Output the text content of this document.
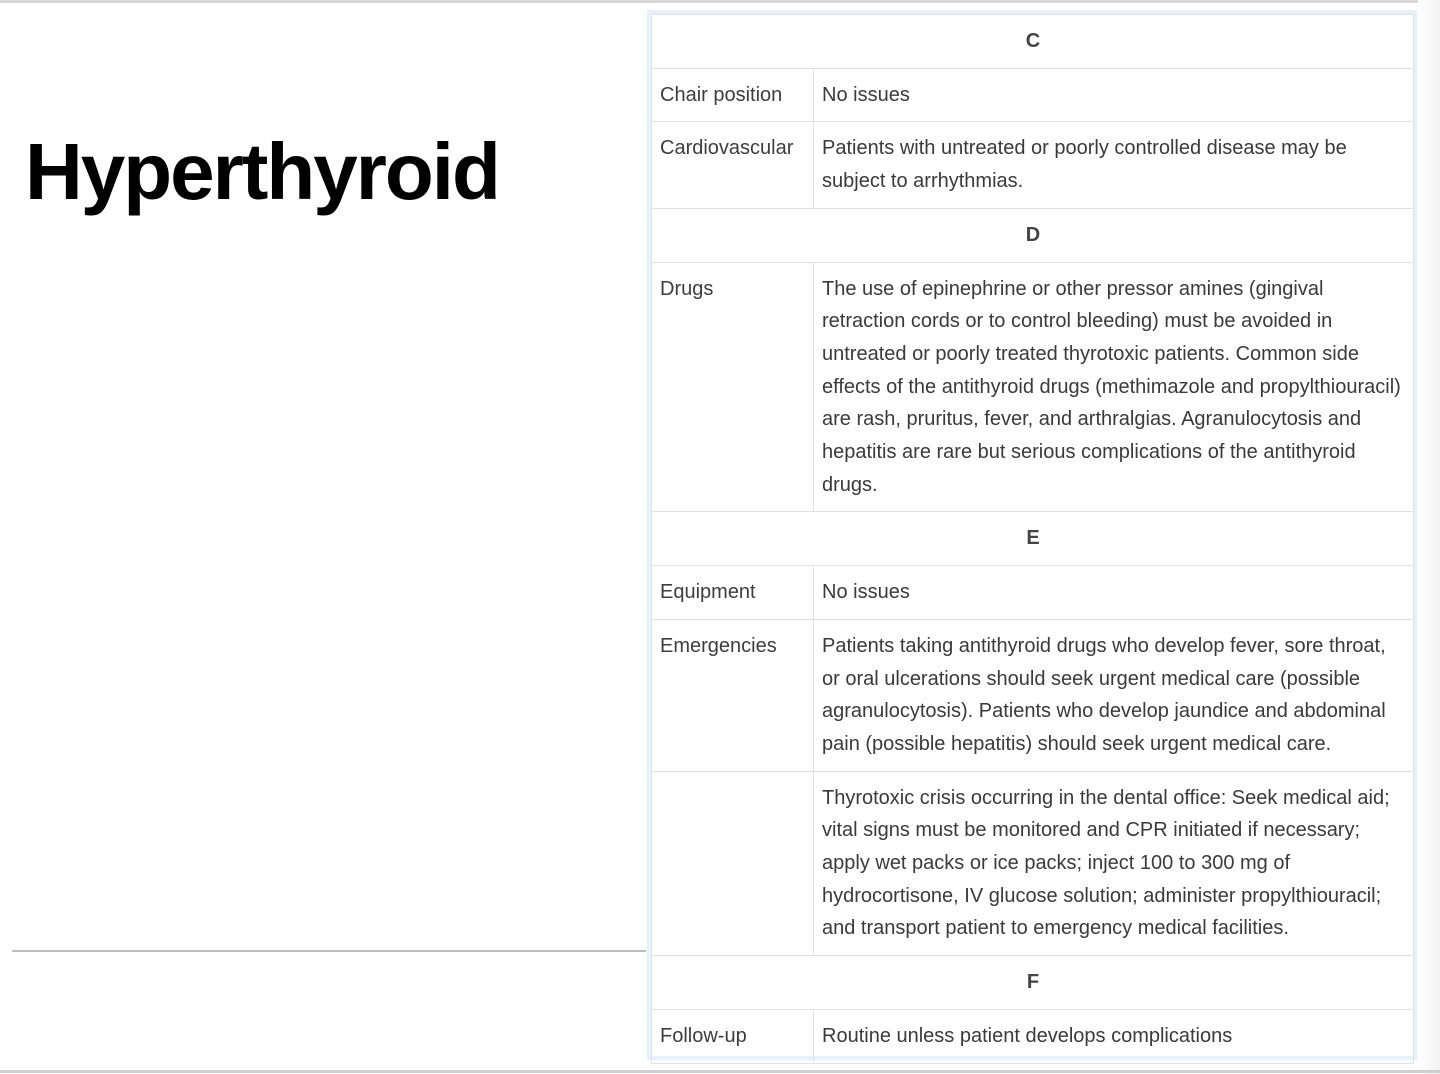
Hyperthyroid
C	
Chair position	No issues
Cardiovascular	Patients with untreated or poorly controlled disease may be subject to arrhythmias.
D	
Drugs	The use of epinephrine or other pressor amines (gingival retraction cords or to control bleeding) must be avoided in untreated or poorly treated thyrotoxic patients. Common side effects of the antithyroid drugs (methimazole and propylthiouracil) are rash, pruritus, fever, and arthralgias. Agranulocytosis and hepatitis are rare but serious complications of the antithyroid drugs.
E	
Equipment	No issues
Emergencies	Patients taking antithyroid drugs who develop fever, sore throat, or oral ulcerations should seek urgent medical care (possible agranulocytosis). Patients who develop jaundice and abdominal pain (possible hepatitis) should seek urgent medical care.
	Thyrotoxic crisis occurring in the dental office: Seek medical aid; vital signs must be monitored and CPR initiated if necessary; apply wet packs or ice packs; inject 100 to 300 mg of hydrocortisone, IV glucose solution; administer propylthiouracil; and transport patient to emergency medical facilities.
F	
Follow-up	Routine unless patient develops complications
